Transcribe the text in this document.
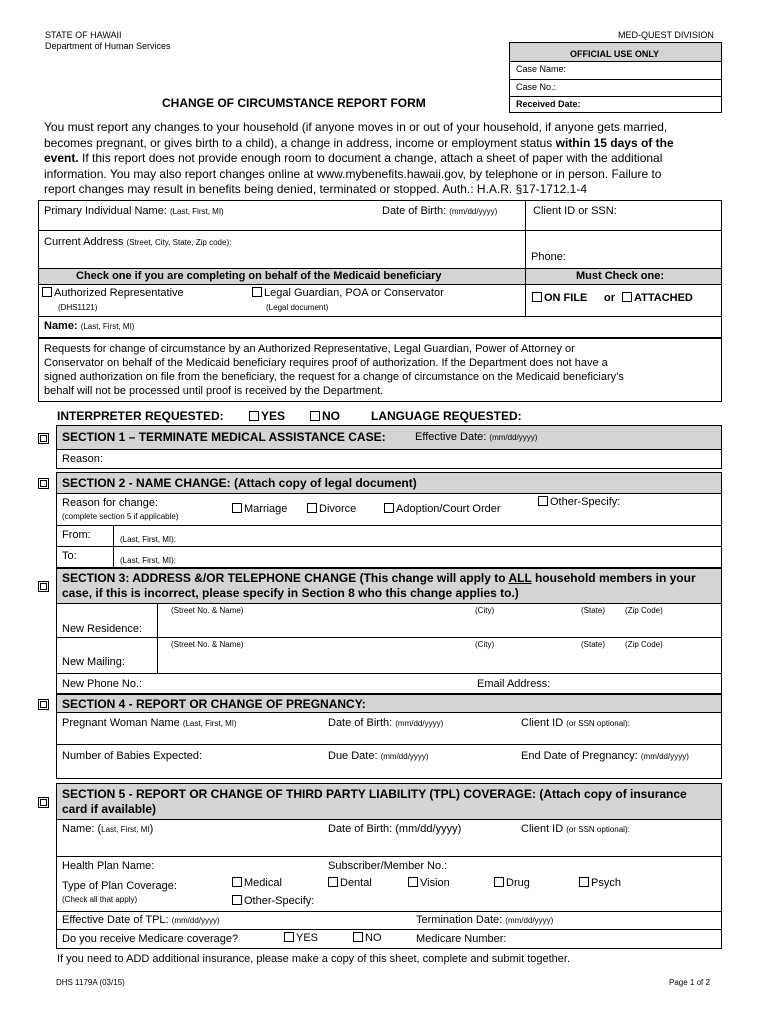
STATE OF HAWAII
Department of Human Services
MED-QUEST DIVISION
OFFICIAL USE ONLY
Case Name:
Case No.:
Received Date:
CHANGE OF CIRCUMSTANCE REPORT FORM
You must report any changes to your household (if anyone moves in or out of your household, if anyone gets married,
becomes pregnant, or gives birth to a child), a change in address, income or employment status within 15 days of the
event. If this report does not provide enough room to document a change, attach a sheet of paper with the additional
information. You may also report changes online at www.mybenefits.hawaii.gov, by telephone or in person. Failure to
report changes may result in benefits being denied, terminated or stopped. Auth.: H.A.R. §17-1712.1-4
Primary Individual Name: (Last, First, MI)	Date of Birth: (mm/dd/yyyy)	Client ID or SSN:
Current Address (Street, City, State, Zip code):
Phone:
Check one if you are completing on behalf of the Medicaid beneficiary	Must Check one:
Authorized Representative
(DHS1121)
Legal Guardian, POA or Conservator
(Legal document)
ON FILE or	ATTACHED
Name: (Last, First, MI)
Requests for change of circumstance by an Authorized Representative, Legal Guardian, Power of Attorney or
Conservator on behalf of the Medicaid beneficiary requires proof of authorization. If the Department does not have a
signed authorization on file from the beneficiary, the request for a change of circumstance on the Medicaid beneficiary’s
behalf will not be processed until proof is received by the Department.
INTERPRETER REQUESTED:	YES	NO	LANGUAGE REQUESTED:
SECTION 1 – TERMINATE MEDICAL ASSISTANCE CASE:	Effective Date: (mm/dd/yyyy)
Reason:
SECTION 2 - NAME CHANGE: (Attach copy of legal document)
Reason for change:
(complete section 5 if applicable)
Marriage	Divorce	Adoption/Court Order
Other-Specify:
From:	(Last, First, MI):
To:	(Last, First, MI):
SECTION 3: ADDRESS &/OR TELEPHONE CHANGE (This change will apply to ALL household members in your
case, if this is incorrect, please specify in Section 8 who this change applies to.)
(Street No. & Name)	(City)	(State) (Zip Code)
New Residence:
(Street No. & Name)	(City)	(State) (Zip Code)
New Mailing:
New Phone No.:	Email Address:
SECTION 4 - REPORT OR CHANGE OF PREGNANCY:
Pregnant Woman Name (Last, First, MI)	Date of Birth: (mm/dd/yyyy)	Client ID (or SSN optional):
Number of Babies Expected:	Due Date: (mm/dd/yyyy)	End Date of Pregnancy: (mm/dd/yyyy)
SECTION 5 - REPORT OR CHANGE OF THIRD PARTY LIABILITY (TPL) COVERAGE: (Attach copy of insurance
card if available)
Name: (Last, First, MI)	Date of Birth: (mm/dd/yyyy)	Client ID (or SSN optional):
Health Plan Name:	Subscriber/Member No.:
Type of Plan Coverage:
(Check all that apply)
Medical	Dental	Vision	Drug	Psych
Other-Specify:
Effective Date of TPL: (mm/dd/yyyy)	Termination Date: (mm/dd/yyyy)
Do you receive Medicare coverage?	YES	NO	Medicare Number:
If you need to ADD additional insurance, please make a copy of this sheet, complete and submit together.
DHS 1179A (03/15)	Page 1 of 2
